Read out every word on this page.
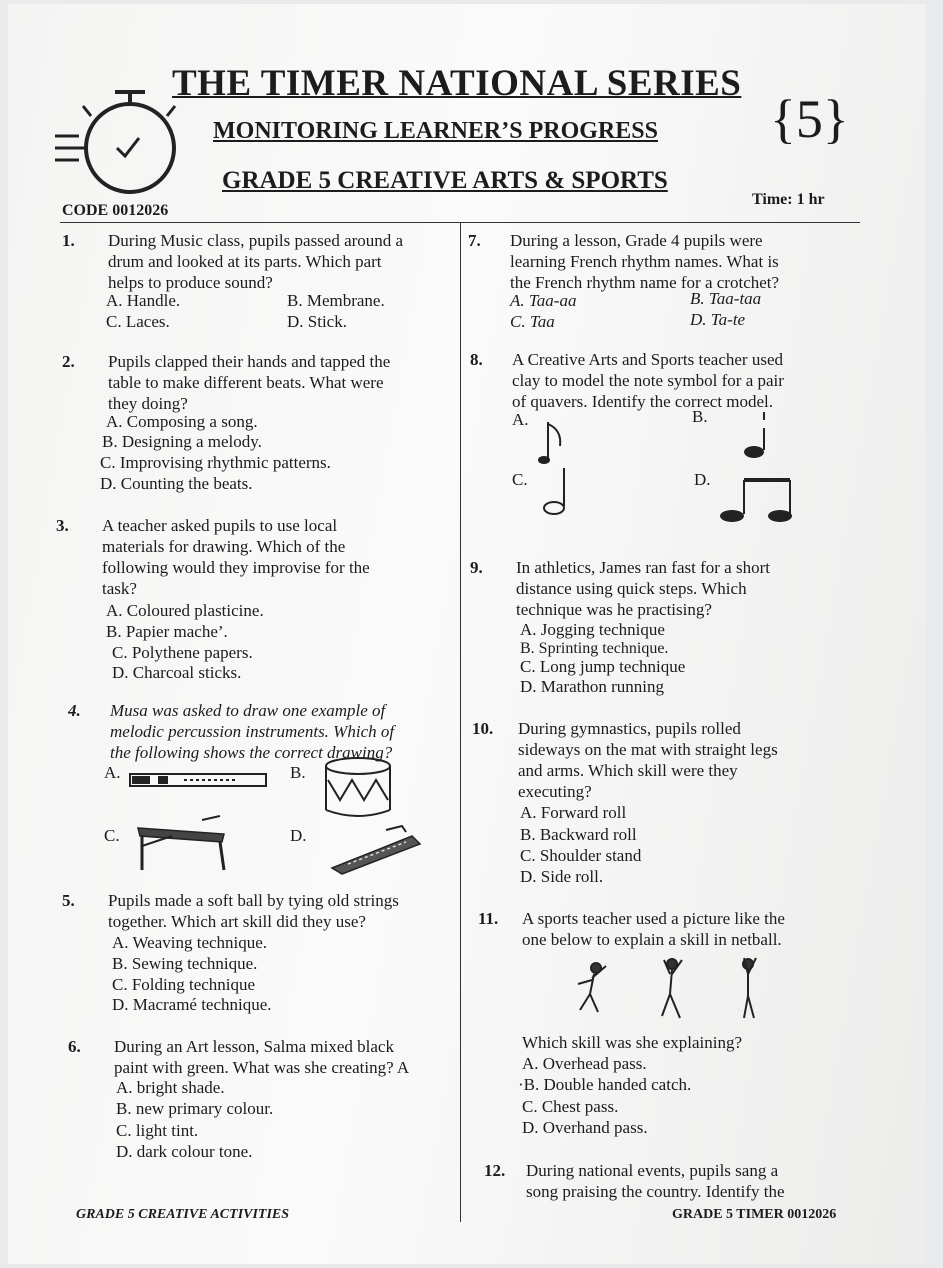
THE TIMER NATIONAL SERIES
MONITORING LEARNER’S PROGRESS
GRADE 5 CREATIVE ARTS & SPORTS
{5}
CODE 0012026
Time: 1 hr
1. During Music class, pupils passed around a
drum and looked at its parts. Which part
helps to produce sound?
A. Handle.	B. Membrane.
C. Laces.	D. Stick.
2. Pupils clapped their hands and tapped the
table to make different beats. What were
they doing?
A. Composing a song.
B. Designing a melody.
C. Improvising rhythmic patterns.
D. Counting the beats.
3. A teacher asked pupils to use local
materials for drawing. Which of the
following would they improvise for the
task?
A. Coloured plasticine.
B. Papier mache’.
C. Polythene papers.
D. Charcoal sticks.
4. Musa was asked to draw one example of
melodic percussion instruments. Which of
the following shows the correct drawing?
A.	B.
C.	D.
5. Pupils made a soft ball by tying old strings
together. Which art skill did they use?
A. Weaving technique.
B. Sewing technique.
C. Folding technique
D. Macramé technique.
6. During an Art lesson, Salma mixed black
paint with green. What was she creating? A
A. bright shade.
B. new primary colour.
C. light tint.
D. dark colour tone.
7. During a lesson, Grade 4 pupils were
learning French rhythm names. What is
the French rhythm name for a crotchet?
A. Taa-aa	B. Taa-taa
C. Taa	D. Ta-te
8. A Creative Arts and Sports teacher used
clay to model the note symbol for a pair
of quavers. Identify the correct model.
A.	B.
C.	D.
9. In athletics, James ran fast for a short
distance using quick steps. Which
technique was he practising?
A. Jogging technique
B. Sprinting technique.
C. Long jump technique
D. Marathon running
10. During gymnastics, pupils rolled
sideways on the mat with straight legs
and arms. Which skill were they
executing?
A. Forward roll
B. Backward roll
C. Shoulder stand
D. Side roll.
11. A sports teacher used a picture like the
one below to explain a skill in netball.
Which skill was she explaining?
A. Overhead pass.
·B. Double handed catch.
C. Chest pass.
D. Overhand pass.
12. During national events, pupils sang a
song praising the country. Identify the
GRADE 5 CREATIVE ACTIVITIES	GRADE 5 TIMER 0012026
